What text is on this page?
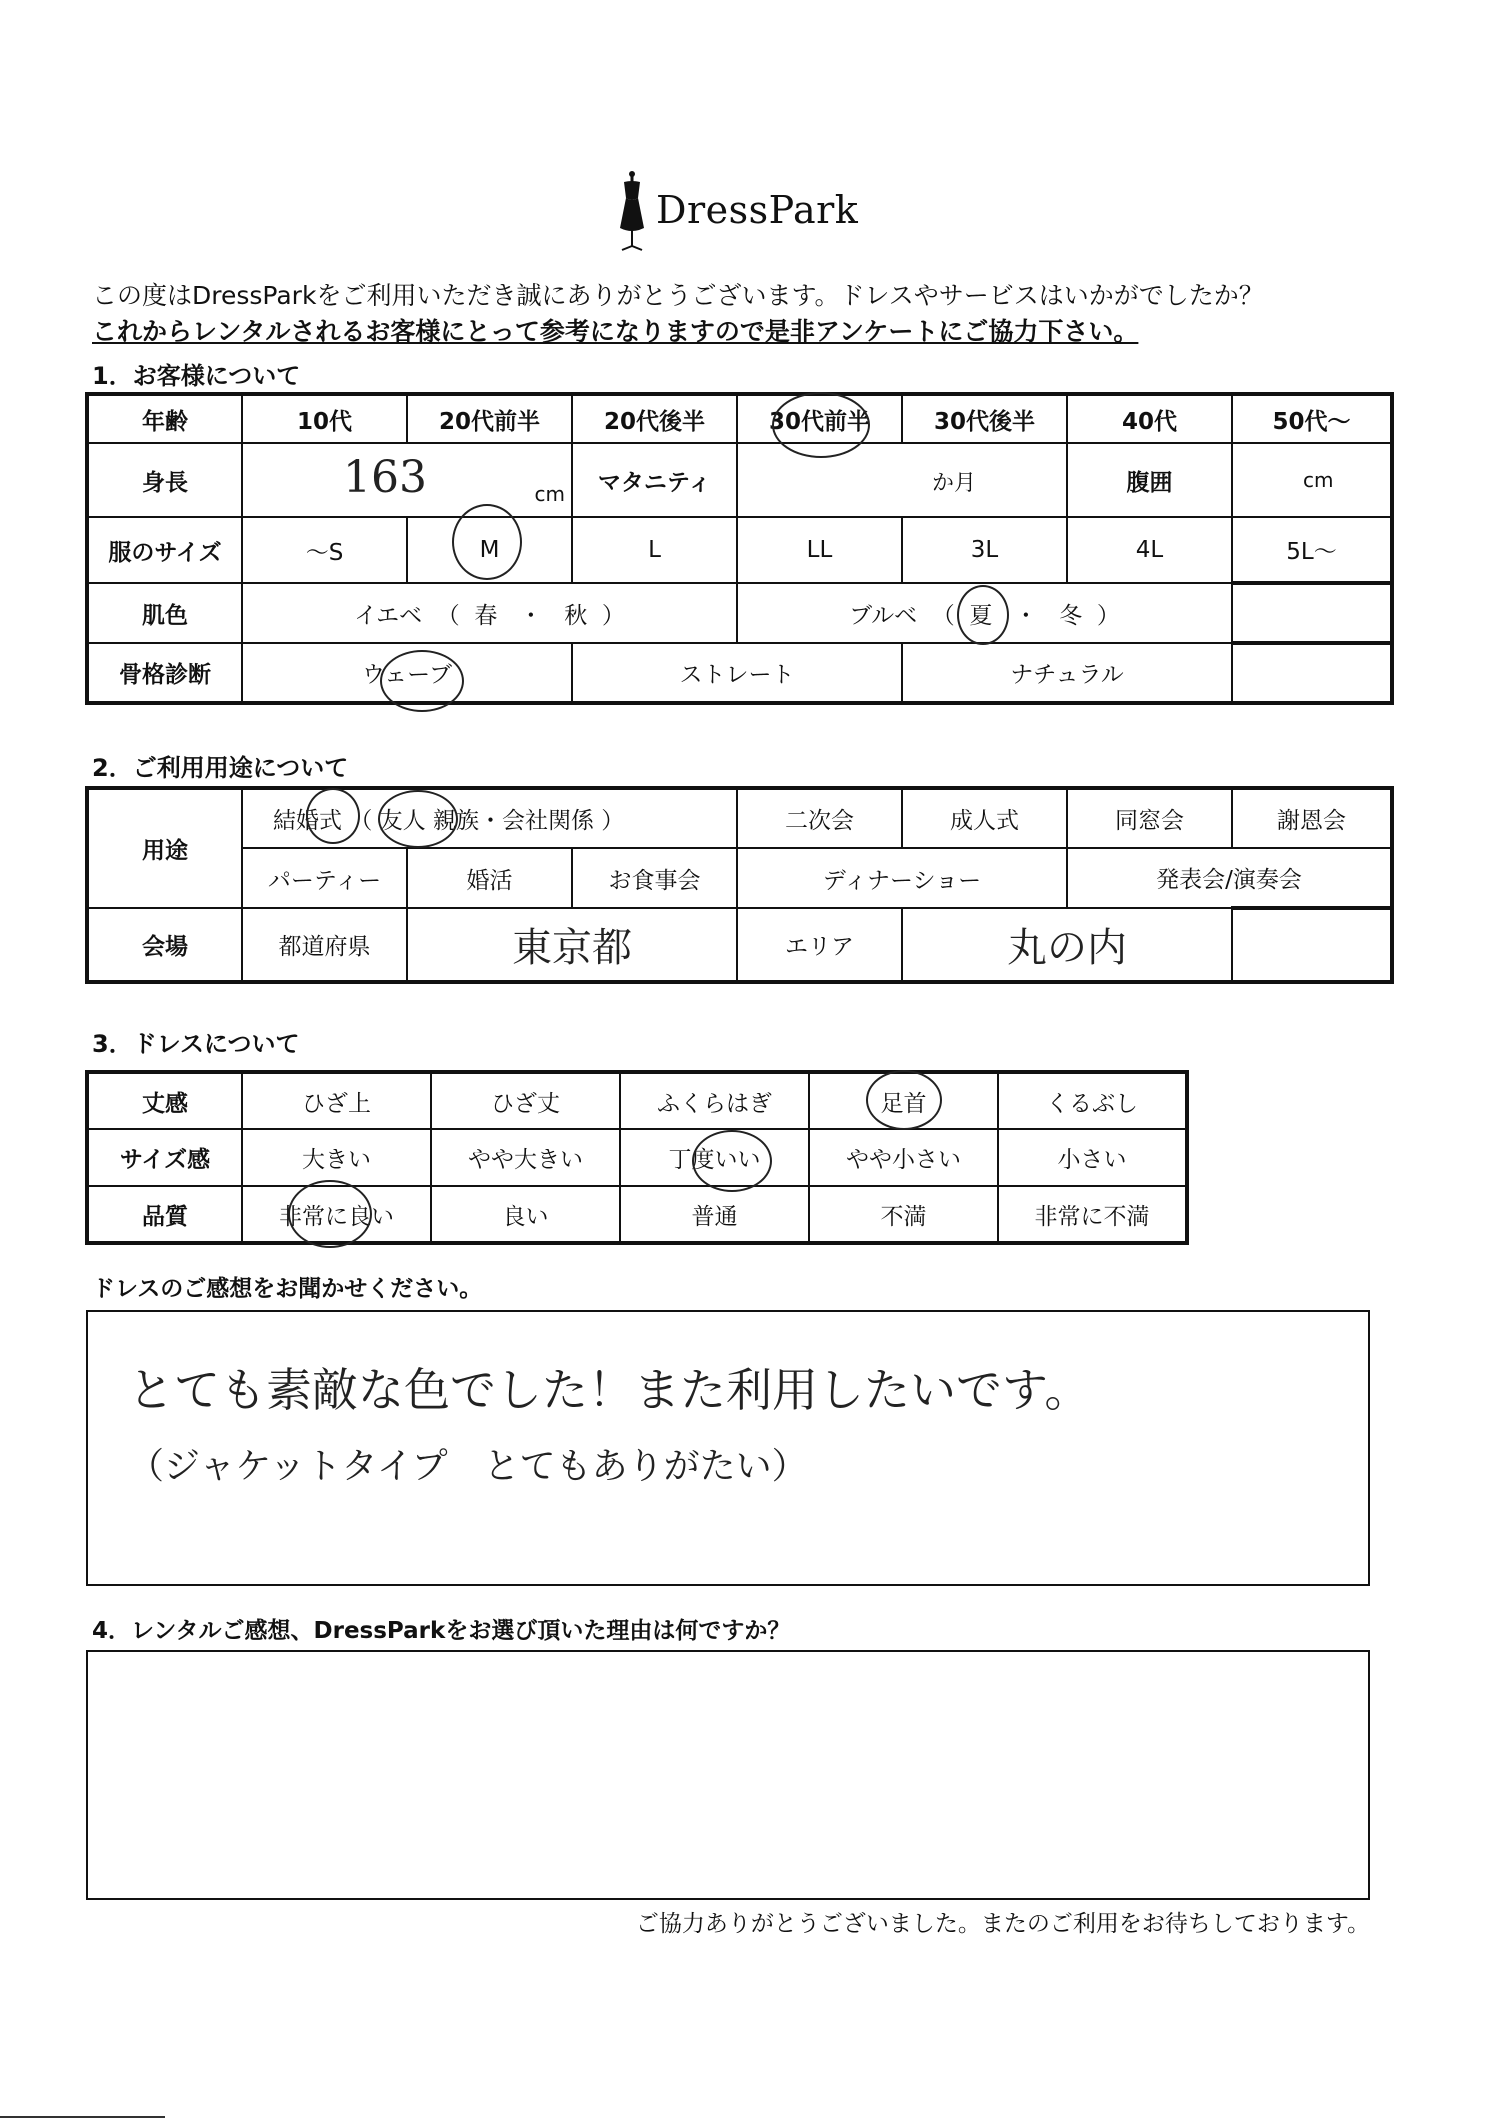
DressPark
この度はDressParkをご利用いただき誠にありがとうございます。ドレスやサービスはいかがでしたか？
これからレンタルされるお客様にとって参考になりますので是非アンケートにご協力下さい。
1．お客様について
年齢	10代	20代前半	20代後半	30代前半	30代後半	40代	50代～
身長	163 cm		マタニティ	か月		腹囲	cm

服のサイズ	～S	M	L	LL	3L	4L	5L～
肌色	イエベ （ 春 ・ 秋 ）			ブルベ （ 夏 ・ 冬 ）			
骨格診断	ウェーブ		ストレート		ナチュラル		
2．ご利用用途について
用途	結婚式 （ 友人 親族・会社関係 ）			二次会	成人式	同窓会	謝恩会
	パーティー	婚活	お食事会	ディナーショー		発表会/演奏会	
会場	都道府県	東京都		エリア	丸の内		
3．ドレスについて
丈感	ひざ上	ひざ丈	ふくらはぎ	足首	くるぶし
サイズ感	大きい	やや大きい	丁度いい	やや小さい	小さい
品質	非常に良い	良い	普通	不満	非常に不満
ドレスのご感想をお聞かせください。
とても素敵な色でした！また利用したいです。
（ジャケットタイプ　とてもありがたい）
4．レンタルご感想、DressParkをお選び頂いた理由は何ですか？
ご協力ありがとうございました。またのご利用をお待ちしております。
